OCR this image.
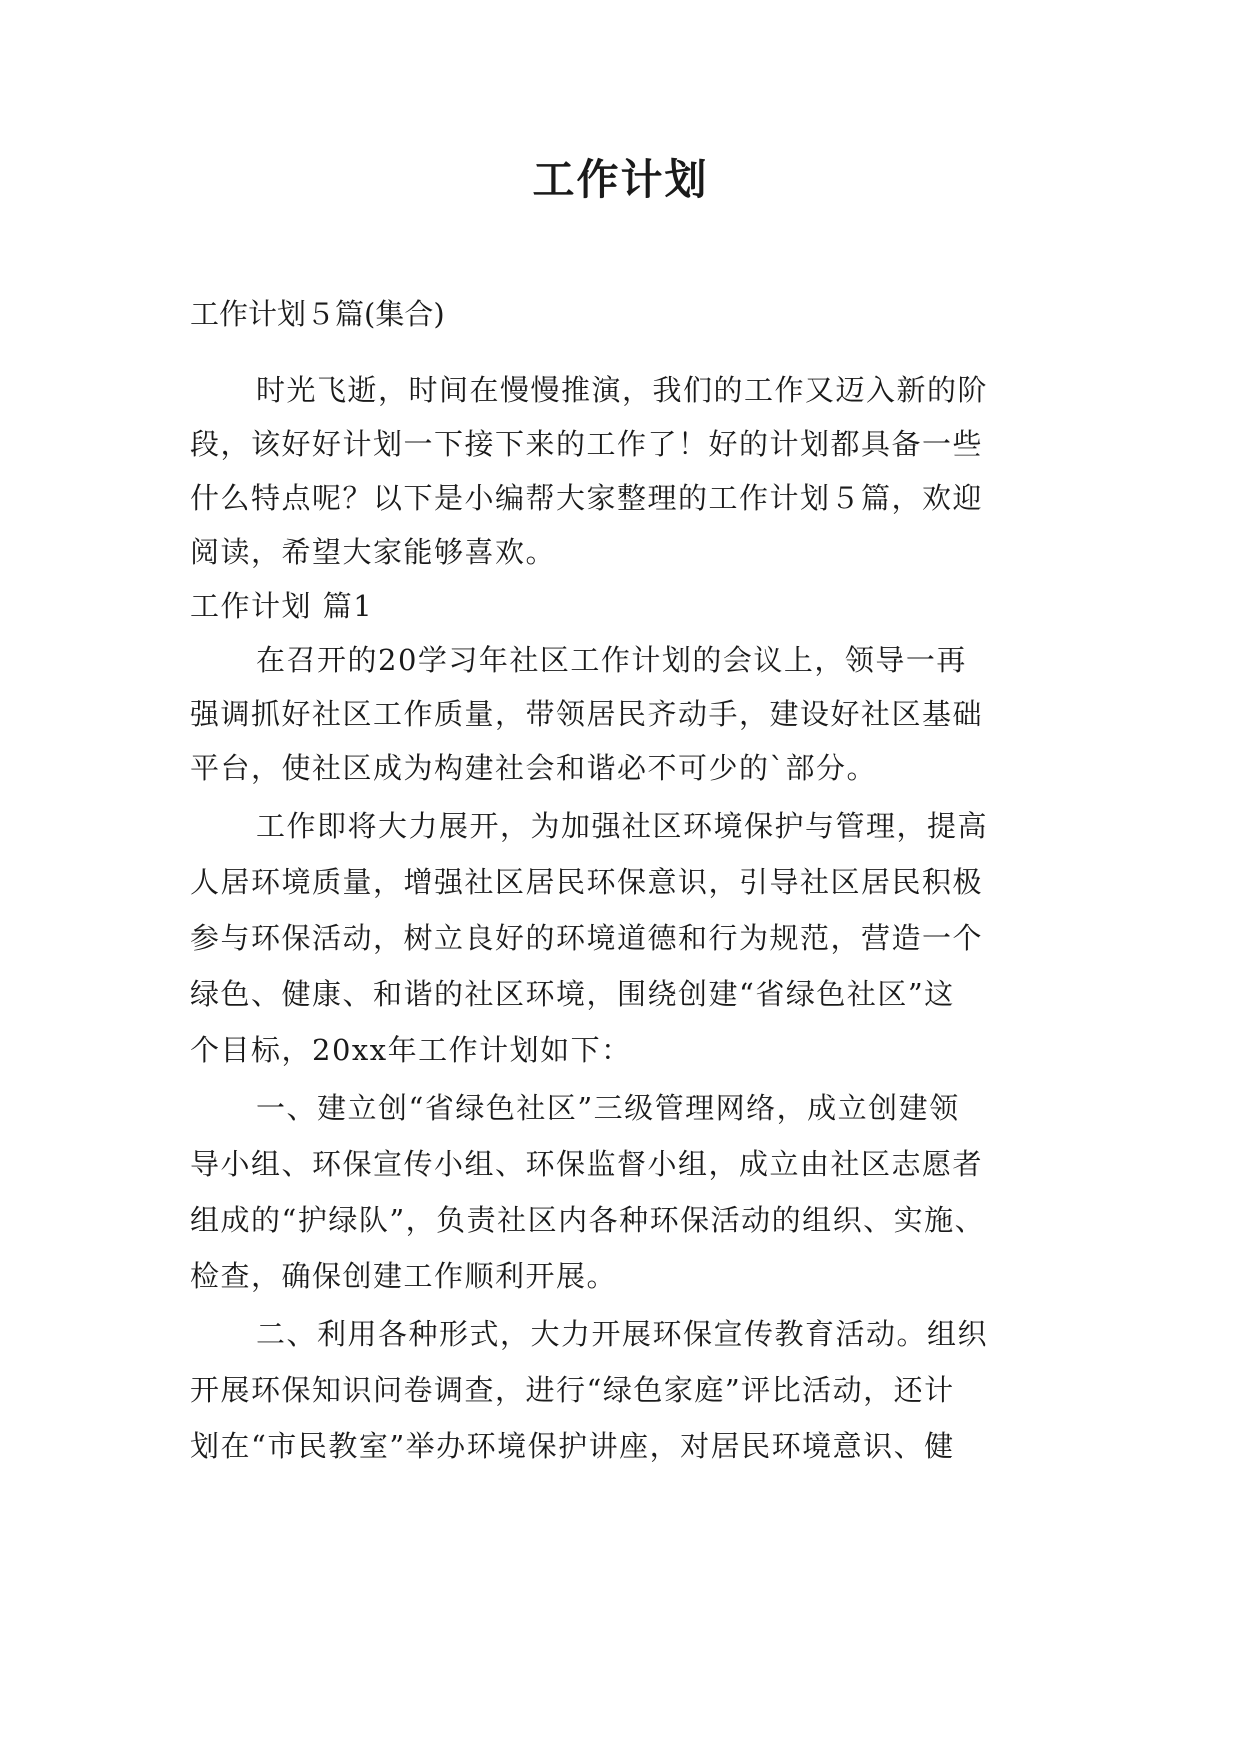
工作计划
工作计划５篇(集合)
时光飞逝，时间在慢慢推演，我们的工作又迈入新的阶
段，该好好计划一下接下来的工作了！好的计划都具备一些
什么特点呢？以下是小编帮大家整理的工作计划５篇，欢迎
阅读，希望大家能够喜欢。
工作计划 篇1
在召开的20学习年社区工作计划的会议上，领导一再
强调抓好社区工作质量，带领居民齐动手，建设好社区基础
平台，使社区成为构建社会和谐必不可少的`部分。
工作即将大力展开，为加强社区环境保护与管理，提高
人居环境质量，增强社区居民环保意识，引导社区居民积极
参与环保活动，树立良好的环境道德和行为规范，营造一个
绿色、健康、和谐的社区环境，围绕创建“省绿色社区”这
个目标，20xx年工作计划如下：
一、建立创“省绿色社区”三级管理网络，成立创建领
导小组、环保宣传小组、环保监督小组，成立由社区志愿者
组成的“护绿队”，负责社区内各种环保活动的组织、实施、
检查，确保创建工作顺利开展。
二、利用各种形式，大力开展环保宣传教育活动。组织
开展环保知识问卷调查，进行“绿色家庭”评比活动，还计
划在“市民教室”举办环境保护讲座，对居民环境意识、健
